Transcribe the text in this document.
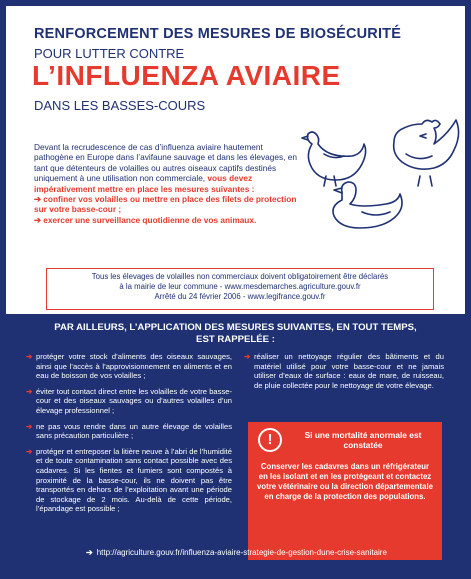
RENFORCEMENT DES MESURES DE BIOSÉCURITÉ
POUR LUTTER CONTRE
L’INFLUENZA AVIAIRE
DANS LES BASSES-COURS
Devant la recrudescence de cas d’influenza aviaire hautement pathogène en Europe dans l’avifaune sauvage et dans les élevages, en tant que détenteurs de volailles ou autres oiseaux captifs destinés uniquement à une utilisation non commerciale, vous devez impérativement mettre en place les mesures suivantes :
➔ confiner vos volailles ou mettre en place des filets de protection sur votre basse-cour ;
➔ exercer une surveillance quotidienne de vos animaux.
Tous les élevages de volailles non commerciaux doivent obligatoirement être déclarés
à la mairie de leur commune - www.mesdemarches.agriculture.gouv.fr
Arrêté du 24 février 2006 - www.legifrance.gouv.fr
PAR AILLEURS, L’APPLICATION DES MESURES SUIVANTES, EN TOUT TEMPS,
EST RAPPELÉE :
➔ protéger votre stock d’aliments des oiseaux sauvages, ainsi que l’accès à l’approvisionnement en aliments et en eau de boisson de vos volailles ;
➔ éviter tout contact direct entre les volailles de votre basse-cour et des oiseaux sauvages ou d’autres volailles d’un élevage professionnel ;
➔ ne pas vous rendre dans un autre élevage de volailles sans précaution particulière ;
➔ protéger et entreposer la litière neuve à l’abri de l’humidité et de toute contamination sans contact possible avec des cadavres. Si les fientes et fumiers sont compostés à proximité de la basse-cour, ils ne doivent pas être transportés en dehors de l’exploitation avant une période de stockage de 2 mois. Au-delà de cette période, l’épandage est possible ;
➔ réaliser un nettoyage régulier des bâtiments et du matériel utilisé pour votre basse-cour et ne jamais utiliser d’eaux de surface : eaux de mare, de ruisseau, de pluie collectée pour le nettoyage de votre élevage.
!	Si une mortalité anormale est constatée
Conserver les cadavres dans un réfrigérateur en les isolant et en les protégeant et contactez votre vétérinaire ou la direction départementale en charge de la protection des populations.
➔ http://agriculture.gouv.fr/influenza-aviaire-strategie-de-gestion-dune-crise-sanitaire
